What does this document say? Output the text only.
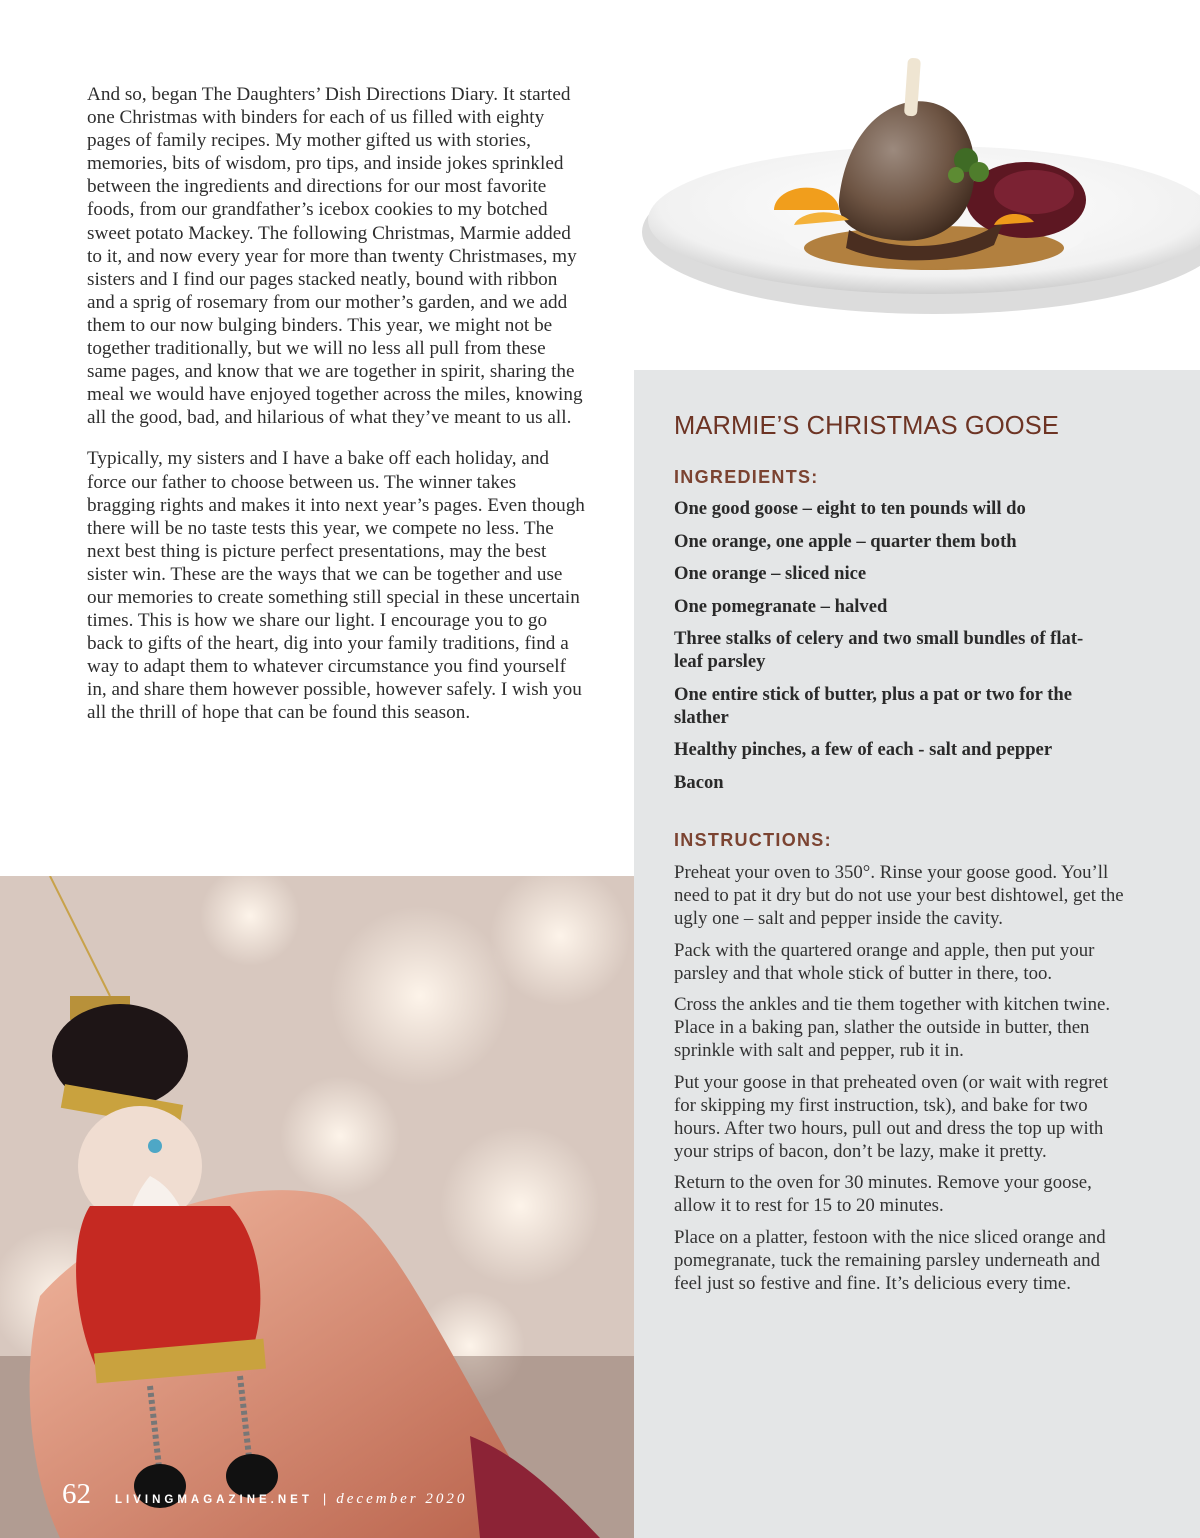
And so, began The Daughters’ Dish Directions Diary. It started one Christmas with binders for each of us filled with eighty pages of family recipes. My mother gifted us with stories, memories, bits of wisdom, pro tips, and inside jokes sprinkled between the ingredients and directions for our most favorite foods, from our grandfather’s icebox cookies to my botched sweet potato Mackey. The following Christmas, Marmie added to it, and now every year for more than twenty Christmases, my sisters and I find our pages stacked neatly, bound with ribbon and a sprig of rosemary from our mother’s garden, and we add them to our now bulging binders. This year, we might not be together traditionally, but we will no less all pull from these same pages, and know that we are together in spirit, sharing the meal we would have enjoyed together across the miles, knowing all the good, bad, and hilarious of what they’ve meant to us all.

Typically, my sisters and I have a bake off each holiday, and force our father to choose between us. The winner takes bragging rights and makes it into next year’s pages. Even though there will be no taste tests this year, we compete no less. The next best thing is picture perfect presentations, may the best sister win. These are the ways that we can be together and use our memories to create something still special in these uncertain times. This is how we share our light. I encourage you to go back to gifts of the heart, dig into your family traditions, find a way to adapt them to whatever circumstance you find yourself in, and share them however possible, however safely. I wish you all the thrill of hope that can be found this season.

MARMIE’S CHRISTMAS GOOSE
INGREDIENTS:
One good goose – eight to ten pounds will do
One orange, one apple – quarter them both
One orange – sliced nice
One pomegranate – halved
Three stalks of celery and two small bundles of flat-leaf parsley
One entire stick of butter, plus a pat or two for the slather
Healthy pinches, a few of each - salt and pepper
Bacon
INSTRUCTIONS:

Preheat your oven to 350°. Rinse your goose good. You’ll need to pat it dry but do not use your best dishtowel, get the ugly one – salt and pepper inside the cavity.

Pack with the quartered orange and apple, then put your parsley and that whole stick of butter in there, too.

Cross the ankles and tie them together with kitchen twine. Place in a baking pan, slather the outside in butter, then sprinkle with salt and pepper, rub it in.

Put your goose in that preheated oven (or wait with regret for skipping my first instruction, tsk), and bake for two hours. After two hours, pull out and dress the top up with your strips of bacon, don’t be lazy, make it pretty.

Return to the oven for 30 minutes. Remove your goose, allow it to rest for 15 to 20 minutes.

Place on a platter, festoon with the nice sliced orange and pomegranate, tuck the remaining parsley underneath and feel just so festive and fine. It’s delicious every time.

62 LIVINGMAGAZINE.NET | december 2020
